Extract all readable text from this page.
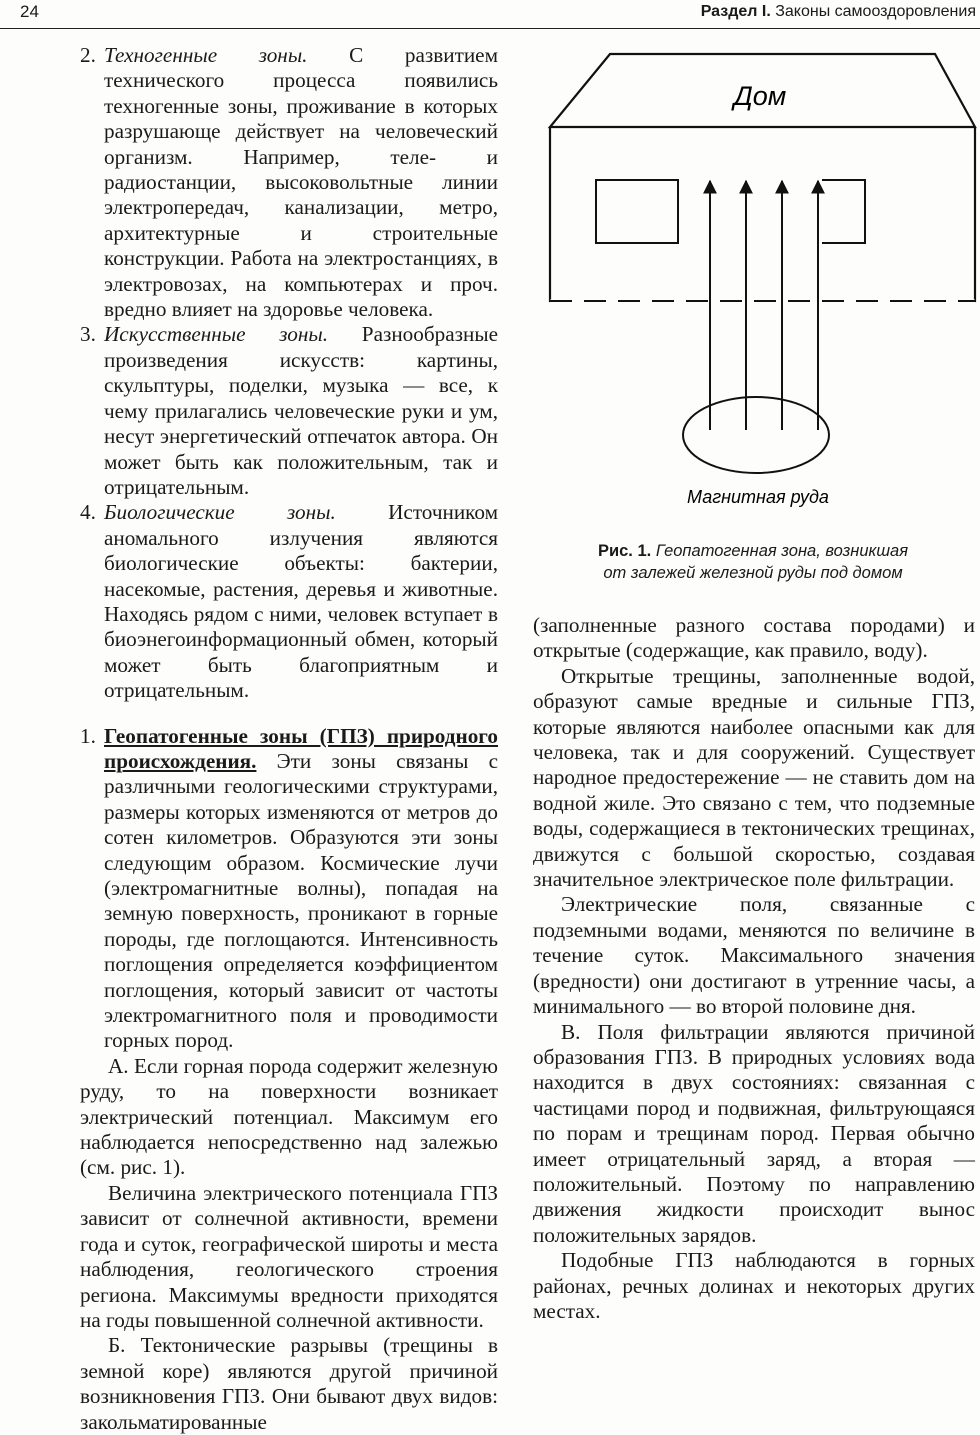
24	Раздел I. Законы самооздоровления
2. Техногенные зоны. С развитием технического процесса появились техногенные зоны, проживание в которых разрушающе действует на человеческий организм. Например, теле- и радиостанции, высоковольтные линии электропередач, канализации, метро, архитектурные и строительные конструкции. Работа на электростанциях, в электровозах, на компьютерах и проч. вредно влияет на здоровье человека.

3. Искусственные зоны. Разнообразные произведения искусств: картины, скульптуры, поделки, музыка — все, к чему прилагались человеческие руки и ум, несут энергетический отпечаток автора. Он может быть как положительным, так и отрицательным.

4. Биологические зоны. Источником аномального излучения являются биологические объекты: бактерии, насекомые, растения, деревья и животные. Находясь рядом с ними, человек вступает в биоэнегоинформационный обмен, который может быть благоприятным и отрицательным.

1. Геопатогенные зоны (ГПЗ) природного происхождения. Эти зоны связаны с различными геологическими структурами, размеры которых изменяются от метров до сотен километров. Образуются эти зоны следующим образом. Космические лучи (электромагнитные волны), попадая на земную поверхность, проникают в горные породы, где поглощаются. Интенсивность поглощения определяется коэффициентом поглощения, который зависит от частоты электромагнитного поля и проводимости горных пород.

А. Если горная порода содержит железную руду, то на поверхности возникает электрический потенциал. Максимум его наблюдается непосредственно над залежью (см. рис. 1).

Величина электрического потенциала ГПЗ зависит от солнечной активности, времени года и суток, географической широты и места наблюдения, геологического строения региона. Максимумы вредности приходятся на годы повышенной солнечной активности.

Б. Тектонические разрывы (трещины в земной коре) являются другой причиной возникновения ГПЗ. Они бывают двух видов: закольматированные

Дом
Магнитная руда
Рис. 1. Геопатогенная зона, возникшая
от залежей железной руды под домом

(заполненные разного состава породами) и открытые (содержащие, как правило, воду).

Открытые трещины, заполненные водой, образуют самые вредные и сильные ГПЗ, которые являются наиболее опасными как для человека, так и для сооружений. Существует народное предостережение — не ставить дом на водной жиле. Это связано с тем, что подземные воды, содержащиеся в тектонических трещинах, движутся с большой скоростью, создавая значительное электрическое поле фильтрации.

Электрические поля, связанные с подземными водами, меняются по величине в течение суток. Максимального значения (вредности) они достигают в утренние часы, а минимального — во второй половине дня.

В. Поля фильтрации являются причиной образования ГПЗ. В природных условиях вода находится в двух состояниях: связанная с частицами пород и подвижная, фильтрующаяся по порам и трещинам пород. Первая обычно имеет отрицательный заряд, а вторая — положительный. Поэтому по направлению движения жидкости происходит вынос положительных зарядов.

Подобные ГПЗ наблюдаются в горных районах, речных долинах и некоторых других местах.
